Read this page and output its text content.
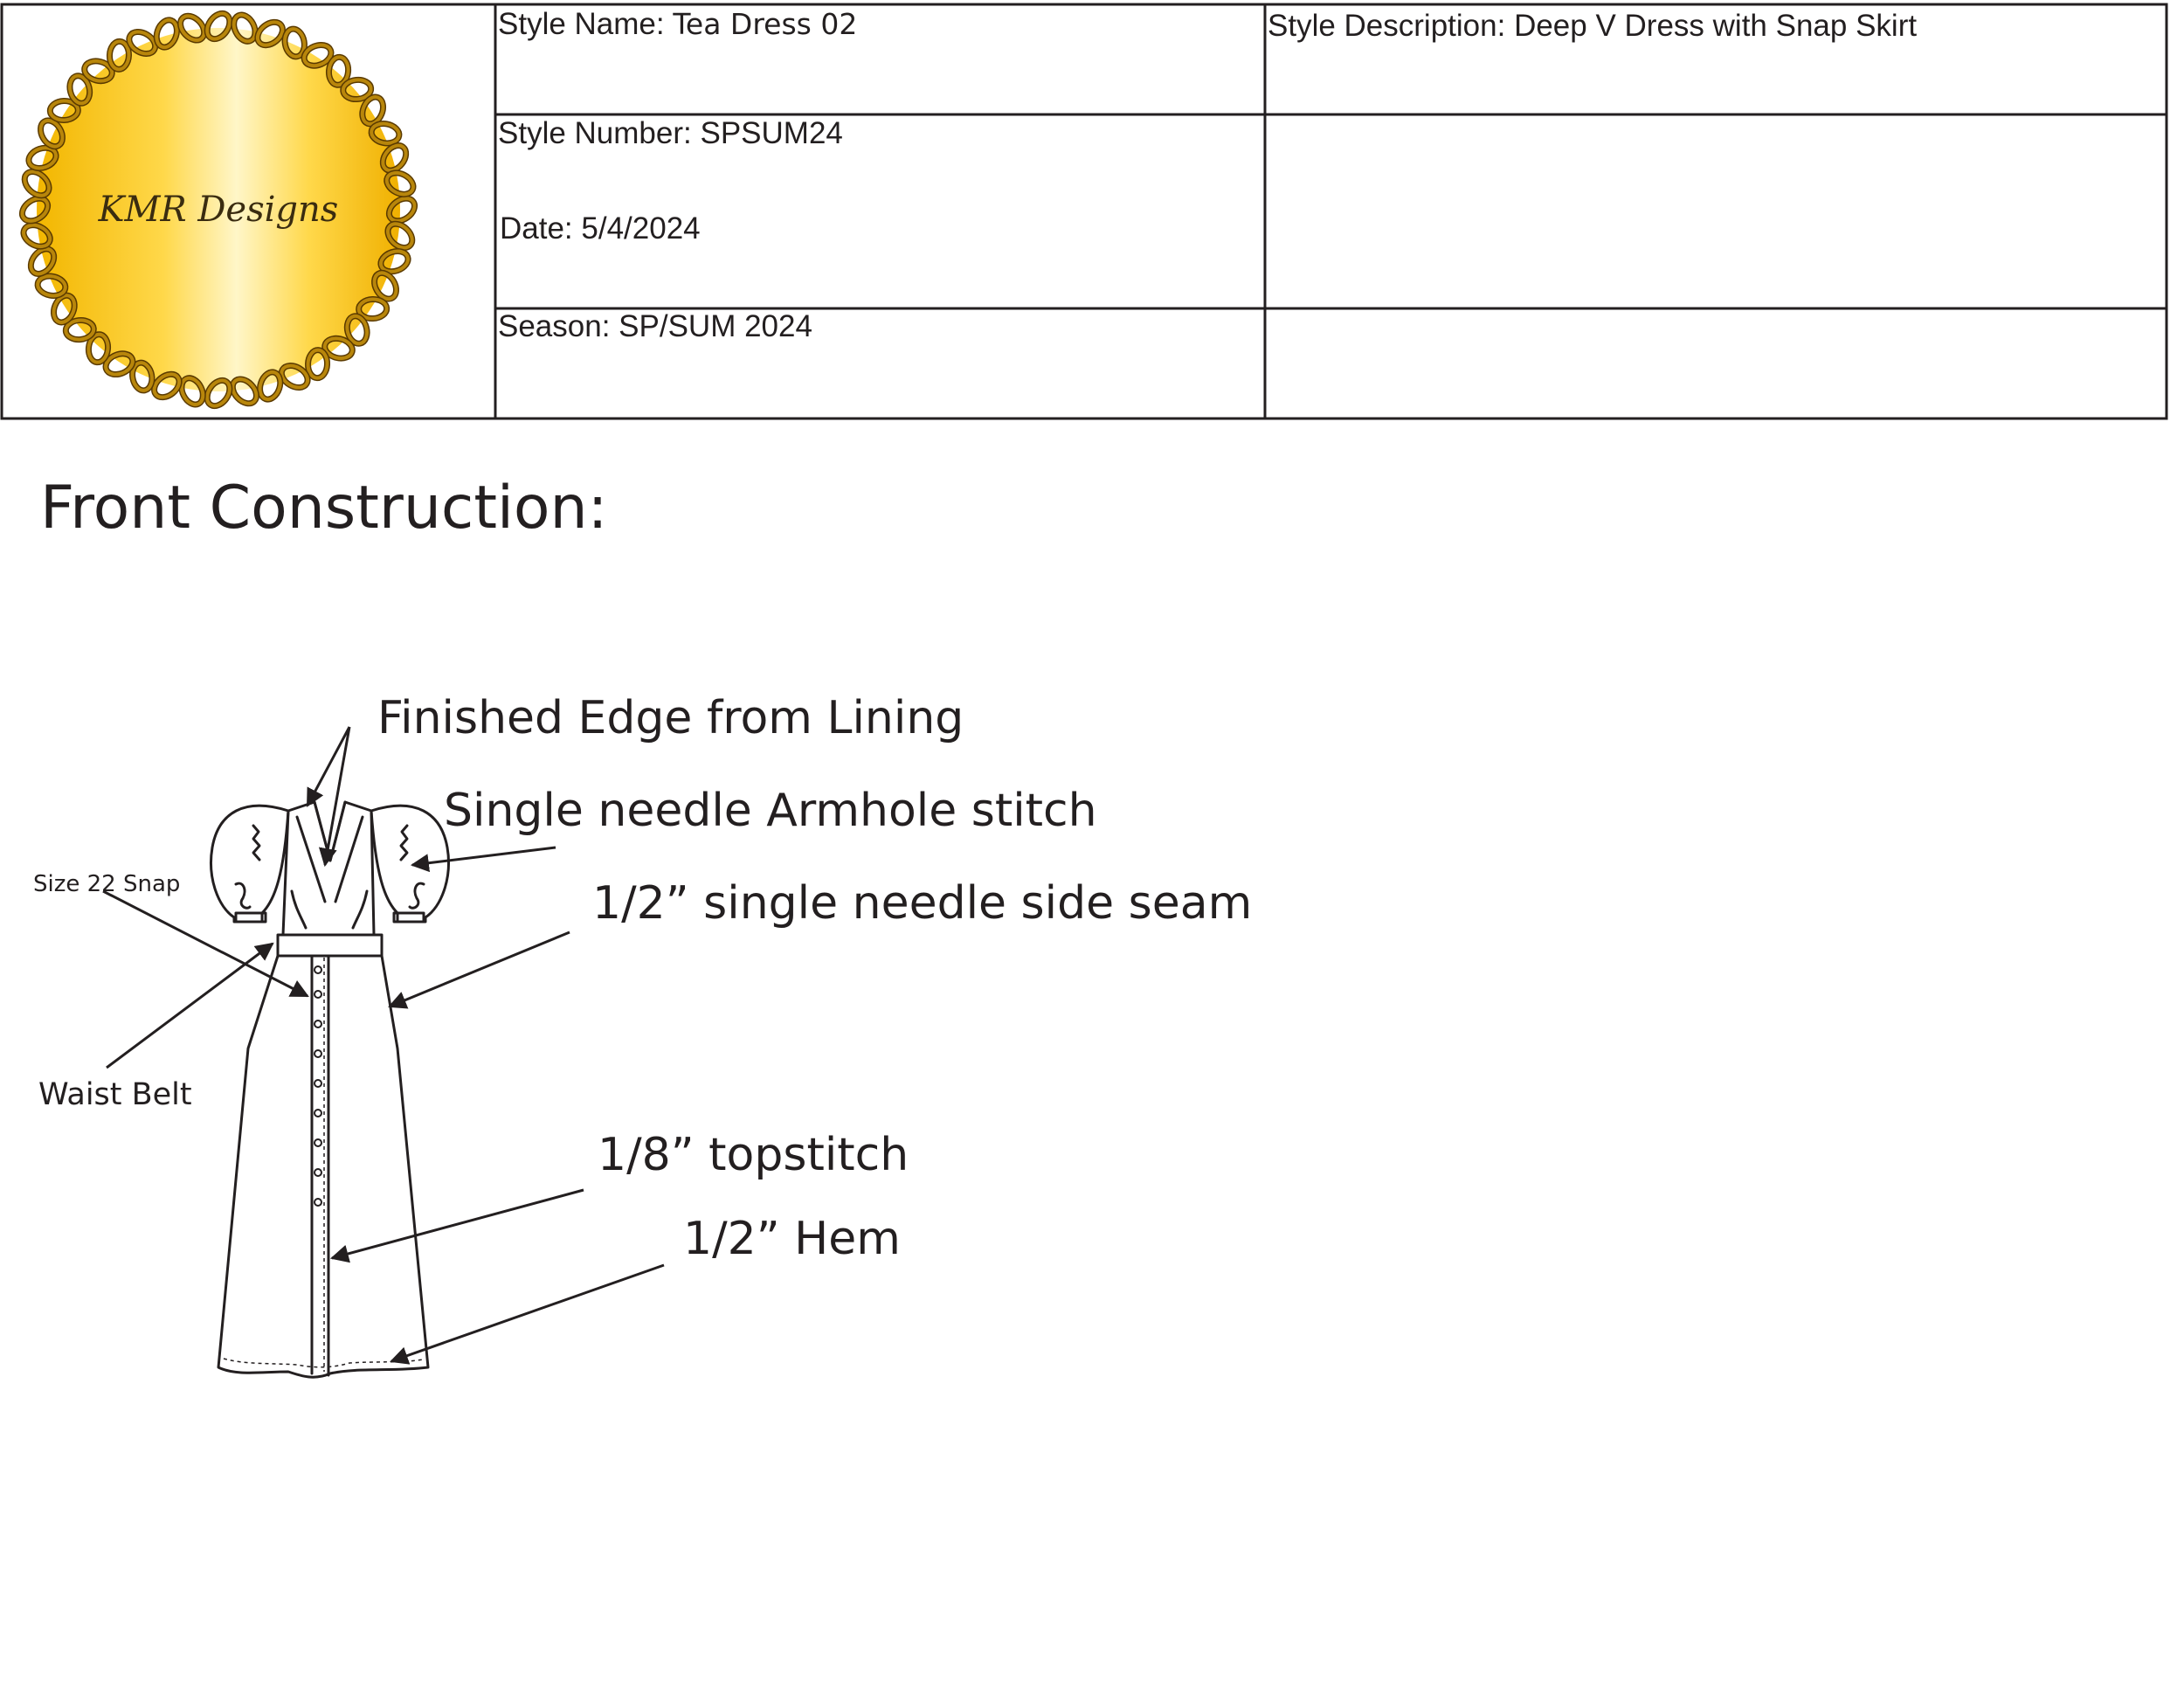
KMR Designs
Style Name: Tea Dress 02
Style Number: SPSUM24
Date: 5/4/2024
Season: SP/SUM 2024
Style Description: Deep V Dress with Snap Skirt
Front Construction:
Finished Edge from Lining
Single needle Armhole stitch
1/2” single needle side seam
Size 22 Snap
Waist Belt
1/8” topstitch
1/2” Hem
